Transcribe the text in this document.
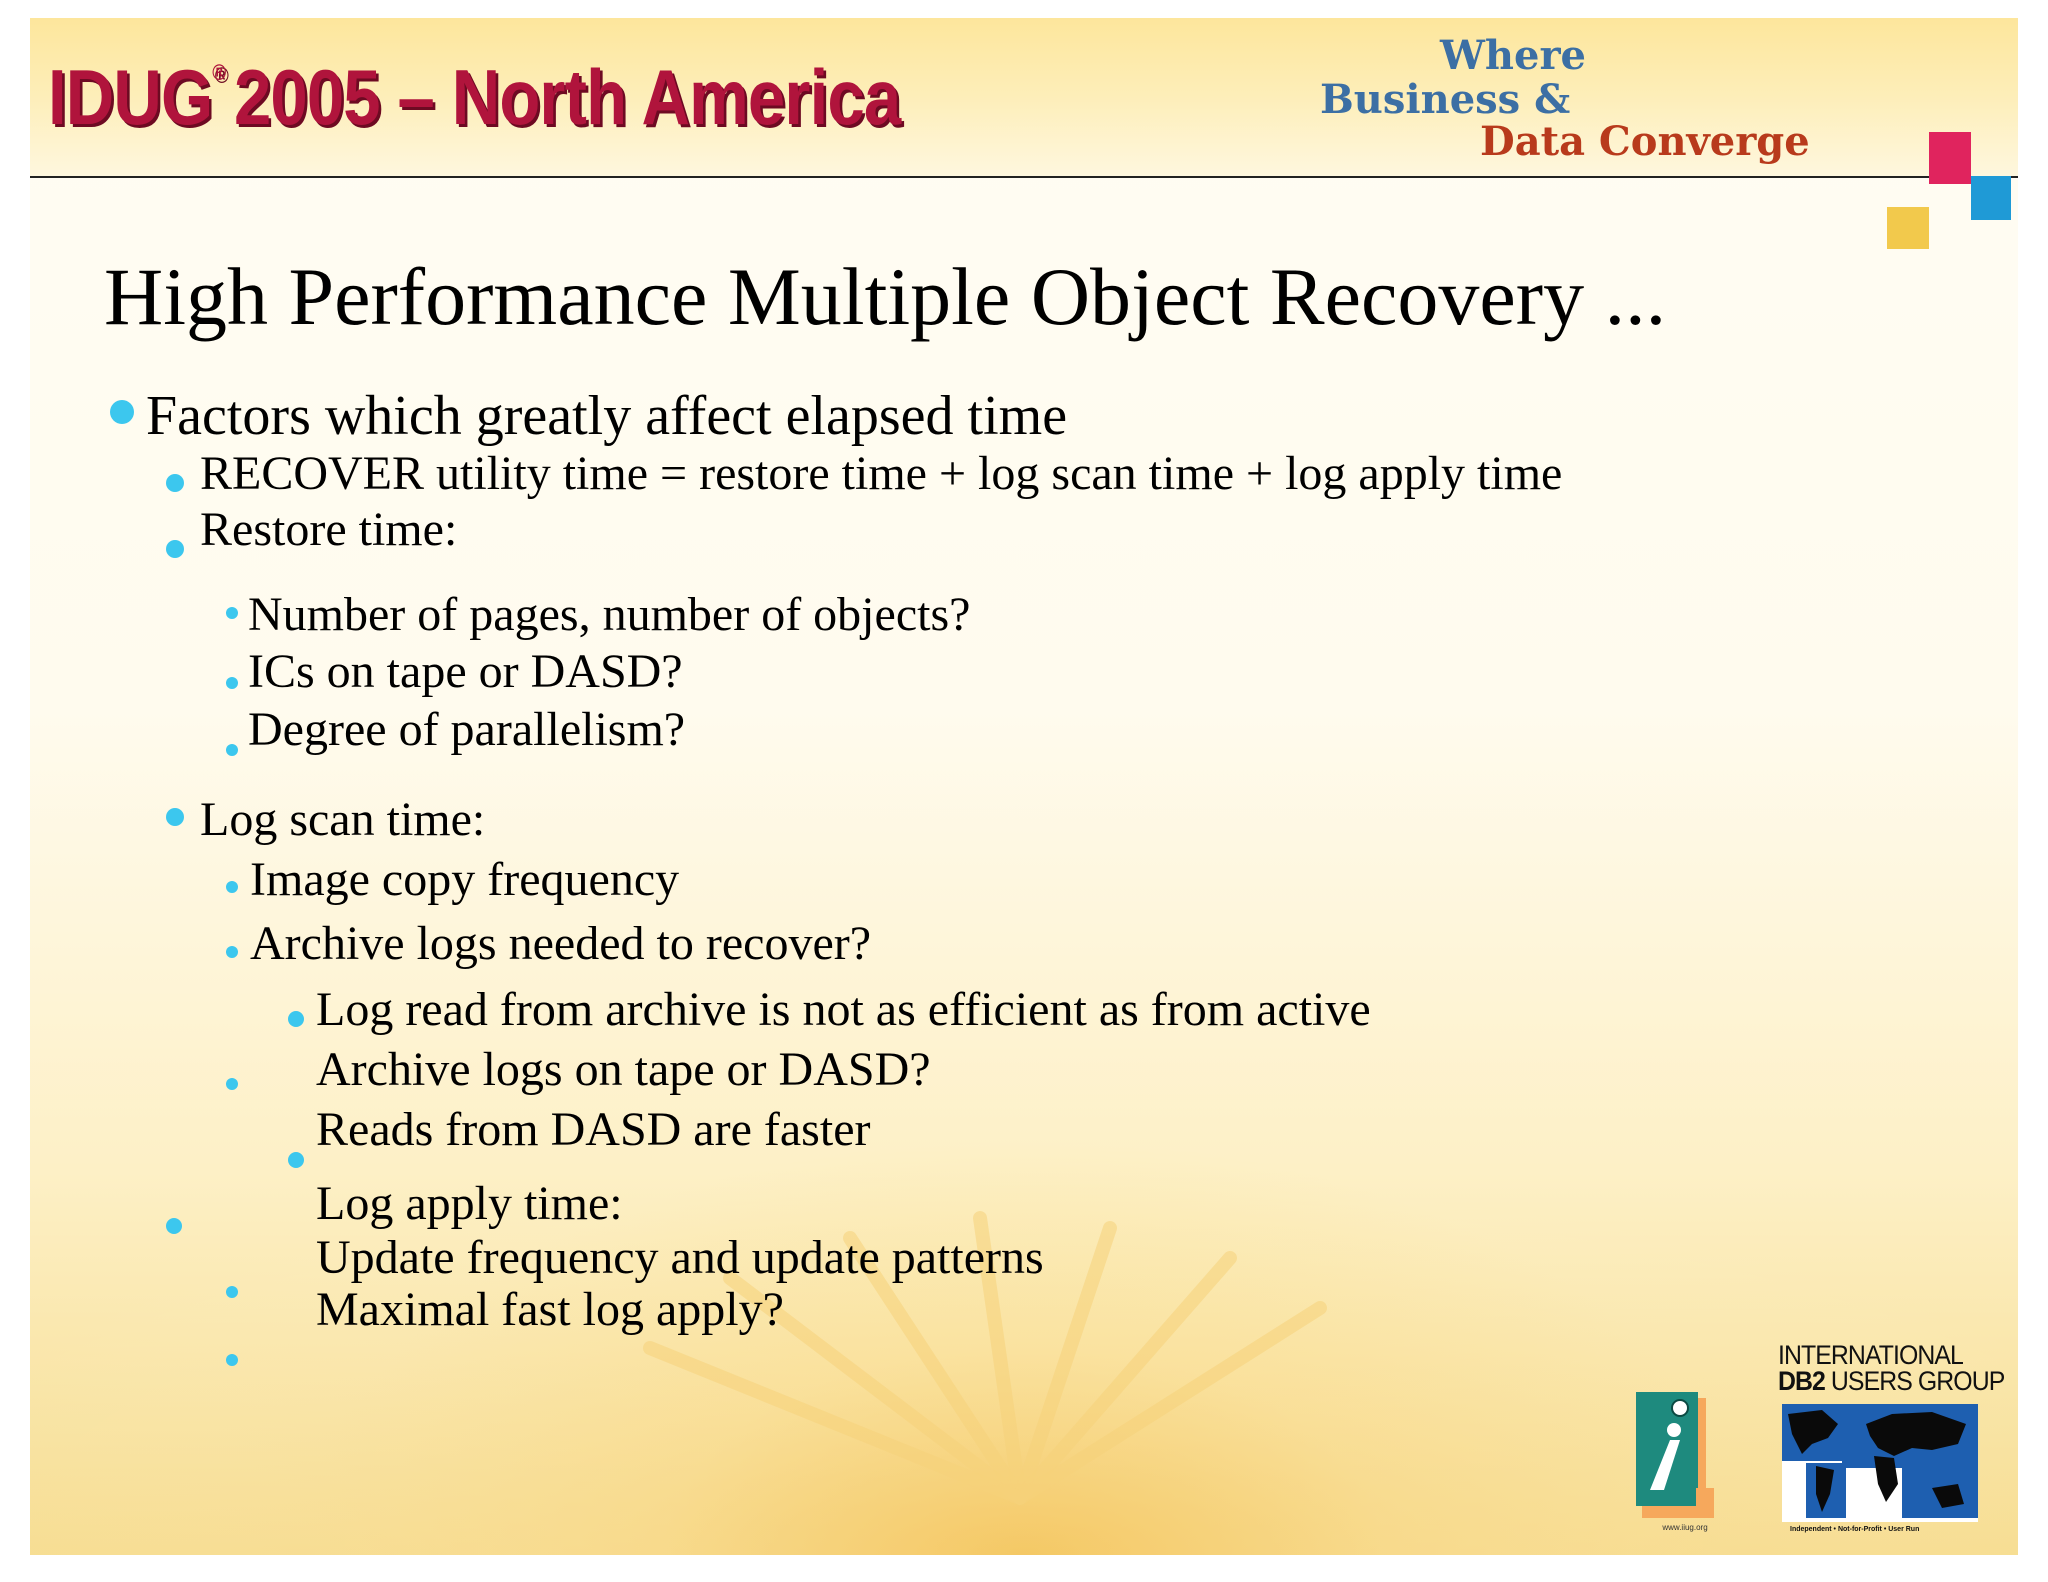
IDUG® 2005 – North America	Where
Business &
Data Converge
High Performance Multiple Object Recovery ...
Factors which greatly affect elapsed time
RECOVER utility time = restore time + log scan time + log apply time
Restore time:
Number of pages, number of objects?
ICs on tape or DASD?
Degree of parallelism?
Log scan time:
Image copy frequency
Archive logs needed to recover?
Log read from archive is not as efficient as from active
Archive logs on tape or DASD?
Reads from DASD are faster
Log apply time:
Update frequency and update patterns
Maximal fast log apply?
www.iiug.org
INTERNATIONAL
DB2 USERS GROUP
Independent • Not-for-Profit • User Run
